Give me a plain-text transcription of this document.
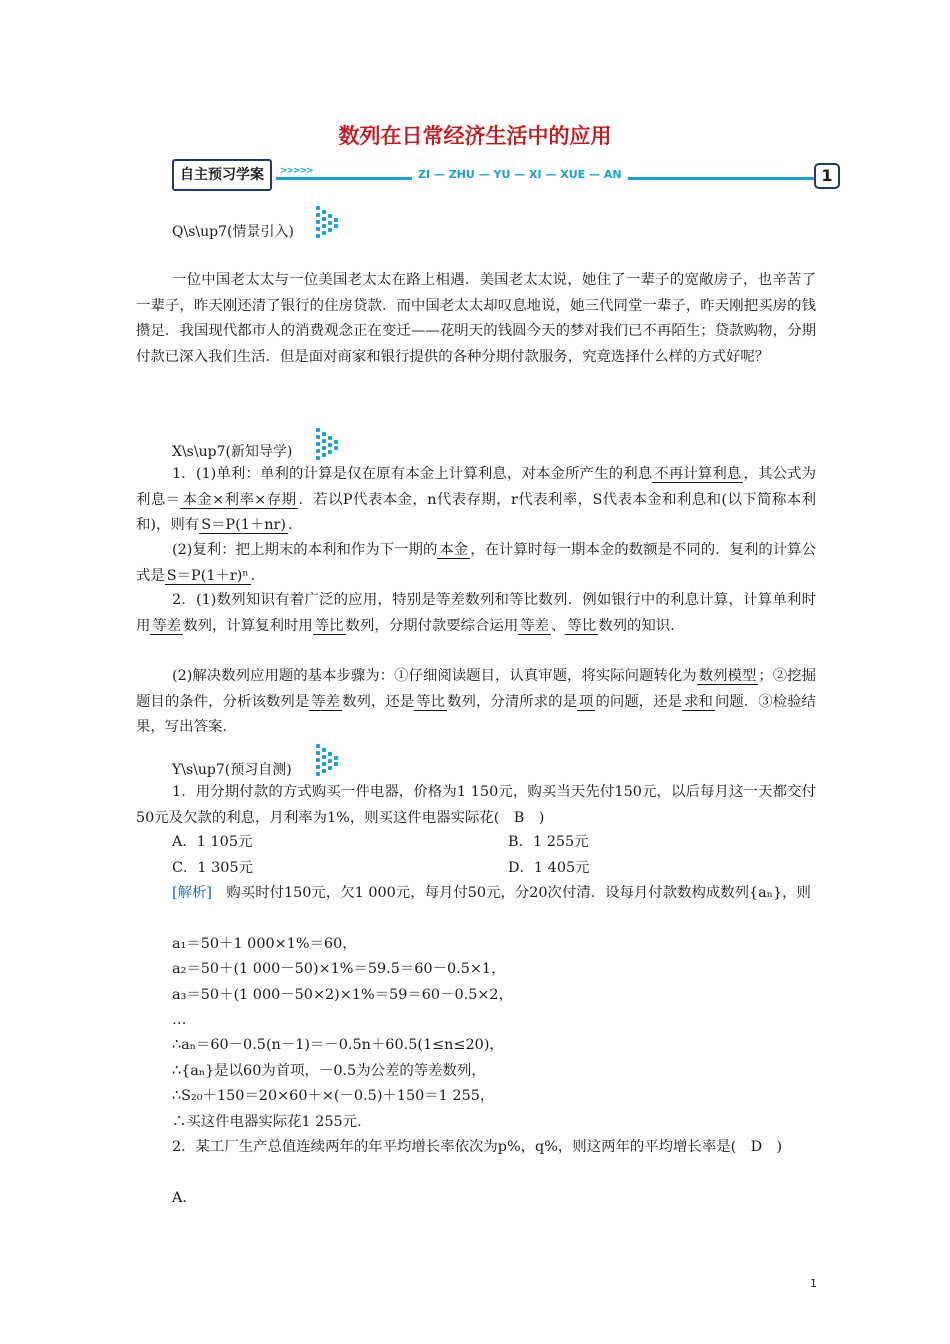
数列在日常经济生活中的应用
自主预习学案	>>>>>	ZI — ZHU — YU — XI — XUE — AN	1
Q\s\up7(情景引入)
一位中国老太太与一位美国老太太在路上相遇．美国老太太说，她住了一辈子的宽敞房子，也辛苦了一辈子，昨天刚还清了银行的住房贷款．而中国老太太却叹息地说，她三代同堂一辈子，昨天刚把买房的钱攒足．我国现代都市人的消费观念正在变迁——花明天的钱圆今天的梦对我们已不再陌生；贷款购物，分期付款已深入我们生活．但是面对商家和银行提供的各种分期付款服务，究竟选择什么样的方式好呢？
X\s\up7(新知导学)
1．(1)单利：单利的计算是仅在原有本金上计算利息，对本金所产生的利息 不再计算利息 ，其公式为利息＝ 本金×利率×存期 ．若以P代表本金，n代表存期，r代表利率，S代表本金和利息和(以下简称本利和)，则有 S＝P(1＋nr) ．
(2)复利：把上期末的本利和作为下一期的 本金 ，在计算时每一期本金的数额是不同的．复利的计算公式是 S＝P(1＋r)ⁿ ．
2．(1)数列知识有着广泛的应用，特别是等差数列和等比数列．例如银行中的利息计算，计算单利时用 等差 数列，计算复利时用 等比 数列，分期付款要综合运用 等差 、 等比 数列的知识．
(2)解决数列应用题的基本步骤为：①仔细阅读题目，认真审题，将实际问题转化为 数列模型 ；②挖掘题目的条件，分析该数列是 等差 数列，还是 等比 数列，分清所求的是 项 的问题，还是 求和 问题．③检验结果，写出答案．
Y\s\up7(预习自测)
1．用分期付款的方式购买一件电器，价格为1 150元，购买当天先付150元，以后每月这一天都交付50元及欠款的利息，月利率为1%，则买这件电器实际花(　B　)
A．1 105元	B．1 255元
C．1 305元	D．1 405元
[解析]　购买时付150元，欠1 000元，每月付50元，分20次付清．设每月付款数构成数列{aₙ}，则
a₁＝50＋1 000×1%＝60，
a₂＝50＋(1 000－50)×1%＝59.5＝60－0.5×1，
a₃＝50＋(1 000－50×2)×1%＝59＝60－0.5×2，
…
∴aₙ＝60－0.5(n－1)＝－0.5n＋60.5(1≤n≤20)，
∴{aₙ}是以60为首项，－0.5为公差的等差数列，
∴S₂₀＋150＝20×60＋×(－0.5)＋150＝1 255，
∴买这件电器实际花1 255元．
2．某工厂生产总值连续两年的年平均增长率依次为p%，q%，则这两年的平均增长率是(　D　)
A．
1
